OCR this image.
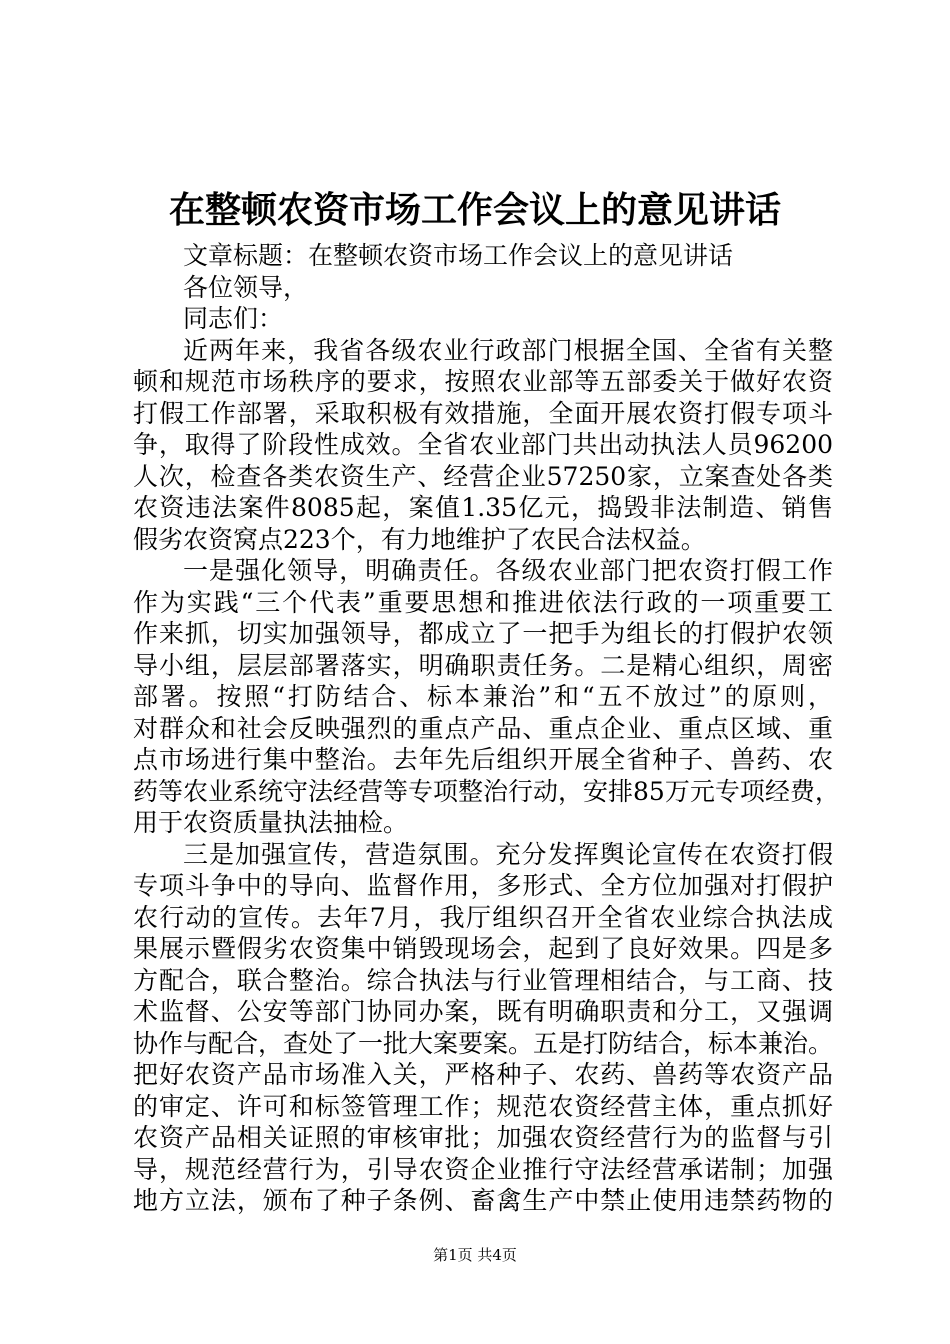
在整顿农资市场工作会议上的意见讲话
文章标题：在整顿农资市场工作会议上的意见讲话
各位领导，
同志们：
近两年来，我省各级农业行政部门根据全国、全省有关整
顿和规范市场秩序的要求，按照农业部等五部委关于做好农资
打假工作部署，采取积极有效措施，全面开展农资打假专项斗
争，取得了阶段性成效。全省农业部门共出动执法人员96200
人次，检查各类农资生产、经营企业57250家，立案查处各类
农资违法案件8085起，案值1.35亿元，捣毁非法制造、销售
假劣农资窝点223个，有力地维护了农民合法权益。
一是强化领导，明确责任。各级农业部门把农资打假工作
作为实践“三个代表”重要思想和推进依法行政的一项重要工
作来抓，切实加强领导，都成立了一把手为组长的打假护农领
导小组，层层部署落实，明确职责任务。二是精心组织，周密
部署。按照“打防结合、标本兼治”和“五不放过”的原则，
对群众和社会反映强烈的重点产品、重点企业、重点区域、重
点市场进行集中整治。去年先后组织开展全省种子、兽药、农
药等农业系统守法经营等专项整治行动，安排85万元专项经费，
用于农资质量执法抽检。
三是加强宣传，营造氛围。充分发挥舆论宣传在农资打假
专项斗争中的导向、监督作用，多形式、全方位加强对打假护
农行动的宣传。去年7月，我厅组织召开全省农业综合执法成
果展示暨假劣农资集中销毁现场会，起到了良好效果。四是多
方配合，联合整治。综合执法与行业管理相结合，与工商、技
术监督、公安等部门协同办案，既有明确职责和分工，又强调
协作与配合，查处了一批大案要案。五是打防结合，标本兼治。
把好农资产品市场准入关，严格种子、农药、兽药等农资产品
的审定、许可和标签管理工作；规范农资经营主体，重点抓好
农资产品相关证照的审核审批；加强农资经营行为的监督与引
导，规范经营行为，引导农资企业推行守法经营承诺制；加强
地方立法，颁布了种子条例、畜禽生产中禁止使用违禁药物的
第1页 共4页
